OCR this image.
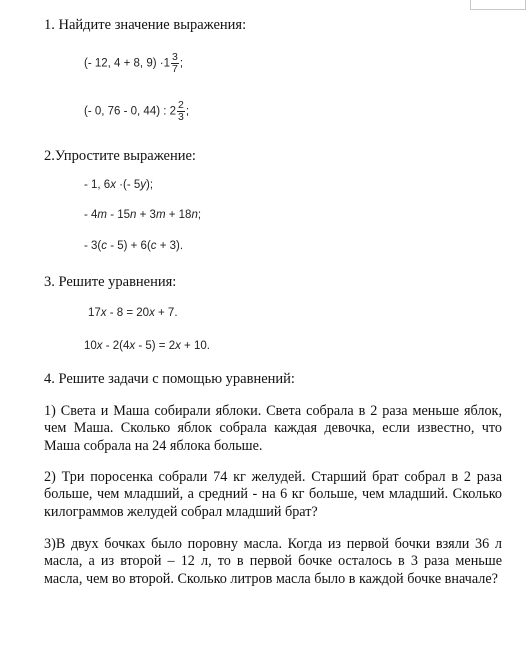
1. Найдите значение выражения:
(- 12, 4 + 8, $9) \cdot 1 \frac{3}{7}$ ;
(- 0, 76 - 0, 44) : $2 \frac{2}{3}$ ;
2.Упростите выражение:
- 1, 6x ·(- 5y);
- 4m - 15n + 3m + 18n;
- 3(c - 5) + 6(c + 3).
3. Решите уравнения:
17x - 8 = 20x + 7.
10x - 2(4x - 5) = 2x + 10.
4. Решите задачи с помощью уравнений:
1) Света и Маша собирали яблоки. Света собрала в 2 раза меньше яблок, чем Маша. Сколько яблок собрала каждая девочка, если известно, что Маша собрала на 24 яблока больше.
2) Три поросенка собрали 74 кг желудей. Старший брат собрал в 2 раза больше, чем младший, а средний - на 6 кг больше, чем младший. Сколько килограммов желудей собрал младший брат?
3)В двух бочках было поровну масла. Когда из первой бочки взяли 36 л масла, а из второй – 12 л, то в первой бочке осталось в 3 раза меньше масла, чем во второй. Сколько литров масла было в каждой бочке вначале?
